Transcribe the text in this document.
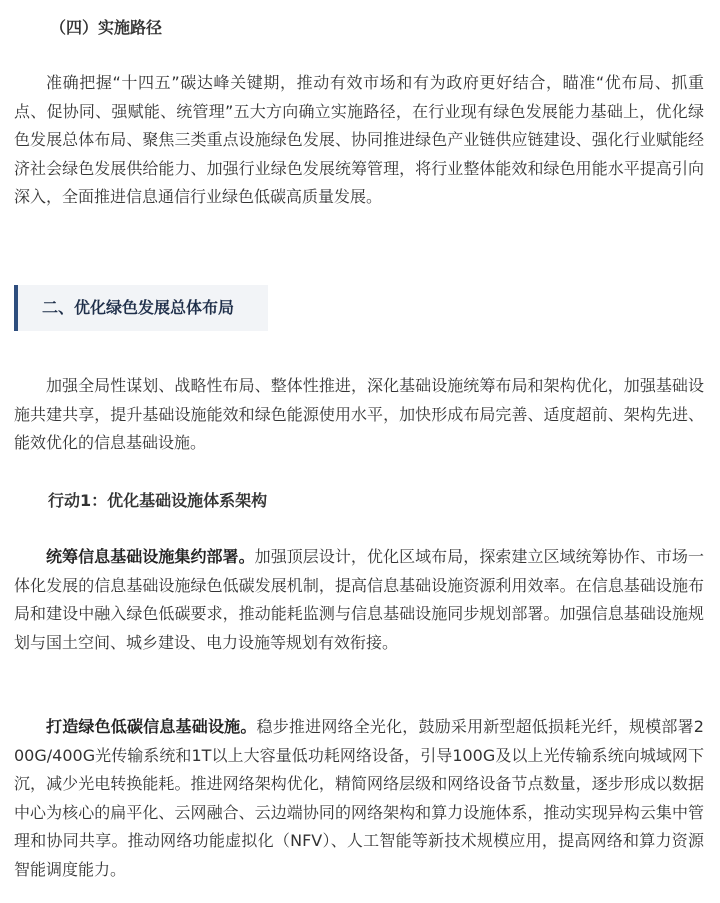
（四）实施路径

准确把握“十四五”碳达峰关键期，推动有效市场和有为政府更好结合，瞄准“优布局、抓重点、促协同、强赋能、统管理”五大方向确立实施路径，在行业现有绿色发展能力基础上，优化绿色发展总体布局、聚焦三类重点设施绿色发展、协同推进绿色产业链供应链建设、强化行业赋能经济社会绿色发展供给能力、加强行业绿色发展统筹管理，将行业整体能效和绿色用能水平提高引向深入，全面推进信息通信行业绿色低碳高质量发展。

二、优化绿色发展总体布局

加强全局性谋划、战略性布局、整体性推进，深化基础设施统筹布局和架构优化，加强基础设施共建共享，提升基础设施能效和绿色能源使用水平，加快形成布局完善、适度超前、架构先进、能效优化的信息基础设施。

行动1：优化基础设施体系架构

统筹信息基础设施集约部署。加强顶层设计，优化区域布局，探索建立区域统筹协作、市场一体化发展的信息基础设施绿色低碳发展机制，提高信息基础设施资源利用效率。在信息基础设施布局和建设中融入绿色低碳要求，推动能耗监测与信息基础设施同步规划部署。加强信息基础设施规划与国土空间、城乡建设、电力设施等规划有效衔接。

打造绿色低碳信息基础设施。稳步推进网络全光化，鼓励采用新型超低损耗光纤，规模部署200G/400G光传输系统和1T以上大容量低功耗网络设备，引导100G及以上光传输系统向城域网下沉，减少光电转换能耗。推进网络架构优化，精简网络层级和网络设备节点数量，逐步形成以数据中心为核心的扁平化、云网融合、云边端协同的网络架构和算力设施体系，推动实现异构云集中管理和协同共享。推动网络功能虚拟化（NFV）、人工智能等新技术规模应用，提高网络和算力资源智能调度能力。
